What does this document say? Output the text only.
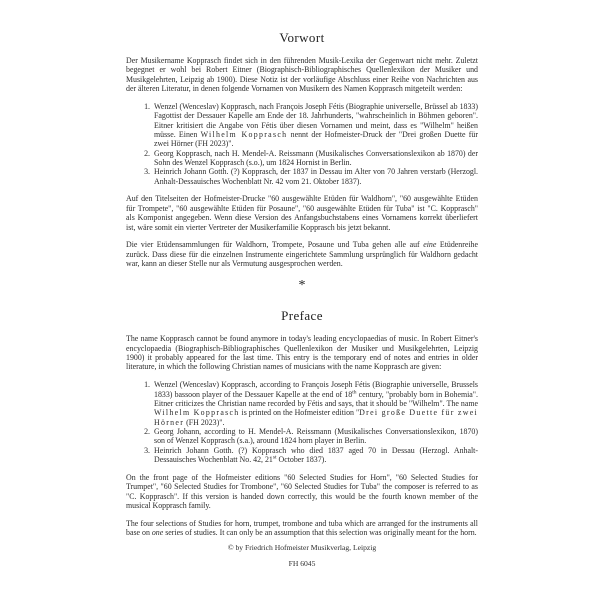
Vorwort

Der Musikername Kopprasch findet sich in den führenden Musik-Lexika der Gegenwart nicht mehr. Zuletzt begegnet er wohl bei Robert Eitner (Biographisch-Bibliographisches Quellenlexikon der Musiker und Musikgelehrten, Leipzig ab 1900). Diese Notiz ist der vorläufige Abschluss einer Reihe von Nachrichten aus der älteren Literatur, in denen folgende Vornamen von Musikern des Namen Kopprasch mitgeteilt werden:

1. Wenzel (Wenceslav) Kopprasch, nach François Joseph Fétis (Biographie universelle, Brüssel ab 1833) Fagottist der Dessauer Kapelle am Ende der 18. Jahrhunderts, "wahrscheinlich in Böhmen geboren". Eitner kritisiert die Angabe von Fétis über diesen Vornamen und meint, dass es "Wilhelm" heißen müsse. Einen Wilhelm Kopprasch nennt der Hofmeister-Druck der "Drei großen Duette für zwei Hörner (FH 2023)".
2. Georg Kopprasch, nach H. Mendel-A. Reissmann (Musikalisches Conversationslexikon ab 1870) der Sohn des Wenzel Kopprasch (s.o.), um 1824 Hornist in Berlin.
3. Heinrich Johann Gotth. (?) Kopprasch, der 1837 in Dessau im Alter von 70 Jahren verstarb (Herzogl. Anhalt-Dessauisches Wochenblatt Nr. 42 vom 21. Oktober 1837).

Auf den Titelseiten der Hofmeister-Drucke "60 ausgewählte Etüden für Waldhorn", "60 ausgewählte Etüden für Trompete", "60 ausgewählte Etüden für Posaune", "60 ausgewählte Etüden für Tuba" ist "C. Kopprasch" als Komponist angegeben. Wenn diese Version des Anfangsbuchstabens eines Vornamens korrekt überliefert ist, wäre somit ein vierter Vertreter der Musikerfamilie Kopprasch bis jetzt bekannt.

Die vier Etüdensammlungen für Waldhorn, Trompete, Posaune und Tuba gehen alle auf eine Etüdenreihe zurück. Dass diese für die einzelnen Instrumente eingerichtete Sammlung ursprünglich für Waldhorn gedacht war, kann an dieser Stelle nur als Vermutung ausgesprochen werden.

*
Preface

The name Kopprasch cannot be found anymore in today's leading encyclopaedias of music. In Robert Eitner's encyclopaedia (Biographisch-Bibliographisches Quellenlexikon der Musiker und Musikgelehrten, Leipzig 1900) it probably appeared for the last time. This entry is the temporary end of notes and entries in older literature, in which the following Christian names of musicians with the name Kopprasch are given:

1. Wenzel (Wenceslav) Kopprasch, according to François Joseph Fétis (Biographie universelle, Brussels 1833) bassoon player of the Dessauer Kapelle at the end of 18th century, "probably born in Bohemia". Eitner criticizes the Christian name recorded by Fétis and says, that it should be "Wilhelm". The name Wilhelm Kopprasch is printed on the Hofmeister edition "Drei große Duette für zwei Hörner (FH 2023)".
2. Georg Johann, according to H. Mendel-A. Reissmann (Musikalisches Conversationslexikon, 1870) son of Wenzel Kopprasch (s.a.), around 1824 horn player in Berlin.
3. Heinrich Johann Gotth. (?) Kopprasch who died 1837 aged 70 in Dessau (Herzogl. Anhalt-Dessauisches Wochenblatt No. 42, 21st October 1837).

On the front page of the Hofmeister editions "60 Selected Studies for Horn", "60 Selected Studies for Trumpet", "60 Selected Studies for Trombone", "60 Selected Studies for Tuba" the composer is referred to as "C. Kopprasch". If this version is handed down correctly, this would be the fourth known member of the musical Kopprasch family.

The four selections of Studies for horn, trumpet, trombone and tuba which are arranged for the instruments all base on one series of studies. It can only be an assumption that this selection was originally meant for the horn.

© by Friedrich Hofmeister Musikverlag, Leipzig
FH 6045
